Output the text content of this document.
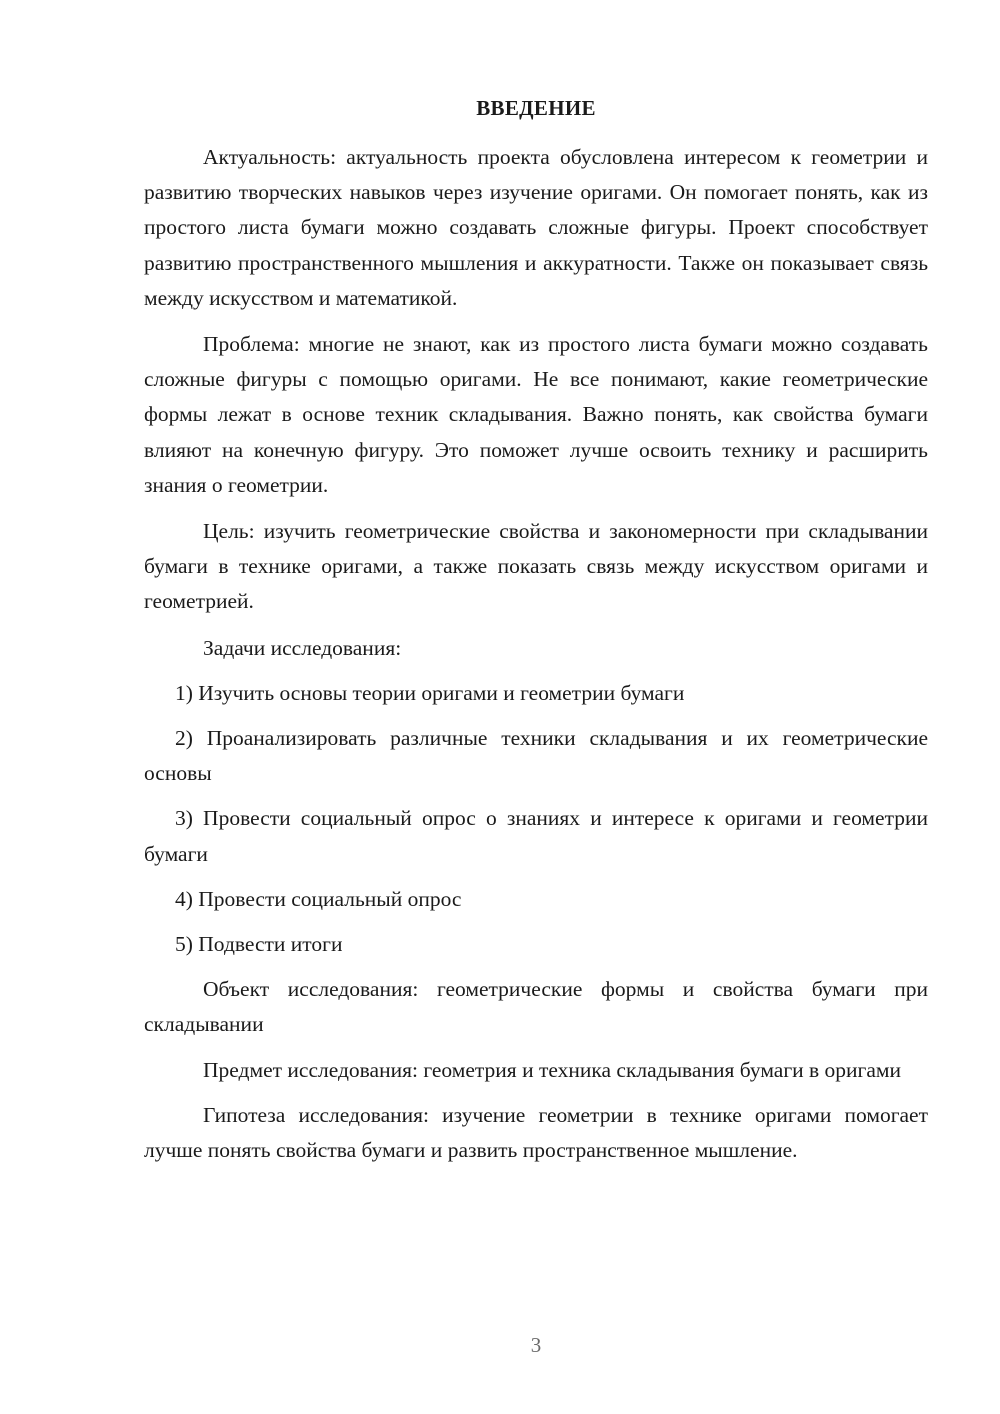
ВВЕДЕНИЕ

Актуальность: актуальность проекта обусловлена интересом к геометрии и развитию творческих навыков через изучение оригами. Он помогает понять, как из простого листа бумаги можно создавать сложные фигуры. Проект способствует развитию пространственного мышления и аккуратности. Также он показывает связь между искусством и математикой.

Проблема: многие не знают, как из простого листа бумаги можно создавать сложные фигуры с помощью оригами. Не все понимают, какие геометрические формы лежат в основе техник складывания. Важно понять, как свойства бумаги влияют на конечную фигуру. Это поможет лучше освоить технику и расширить знания о геометрии.

Цель: изучить геометрические свойства и закономерности при складывании бумаги в технике оригами, а также показать связь между искусством оригами и геометрией.

Задачи исследования:

1) Изучить основы теории оригами и геометрии бумаги

2) Проанализировать различные техники складывания и их геометрические основы

3) Провести социальный опрос о знаниях и интересе к оригами и геометрии бумаги

4) Провести социальный опрос

5) Подвести итоги

Объект исследования: геометрические формы и свойства бумаги при складывании

Предмет исследования: геометрия и техника складывания бумаги в оригами

Гипотеза исследования: изучение геометрии в технике оригами помогает лучше понять свойства бумаги и развить пространственное мышление.

3
